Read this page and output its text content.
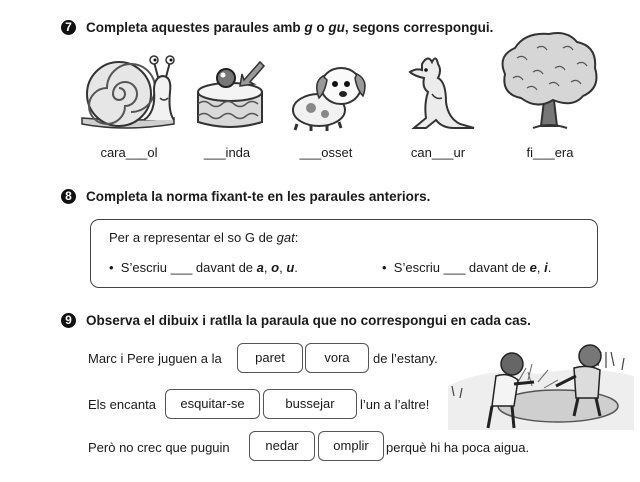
7	Completa aquestes paraules amb g o gu, segons correspongui.
cara___ol	___inda	___osset	can___ur	fi___era
8	Completa la norma fixant-te en les paraules anteriors.
Per a representar el so G de gat:
•  S’escriu ___ davant de a, o, u.	•  S’escriu ___ davant de e, i.
9	Observa el dibuix i ratlla la paraula que no correspongui en cada cas.
Marc i Pere juguen a la	paret	vora	de l’estany.
Els encanta	esquitar-se	bussejar	l’un a l’altre!
Però no crec que puguin	nedar	omplir	perquè hi ha poca aigua.
